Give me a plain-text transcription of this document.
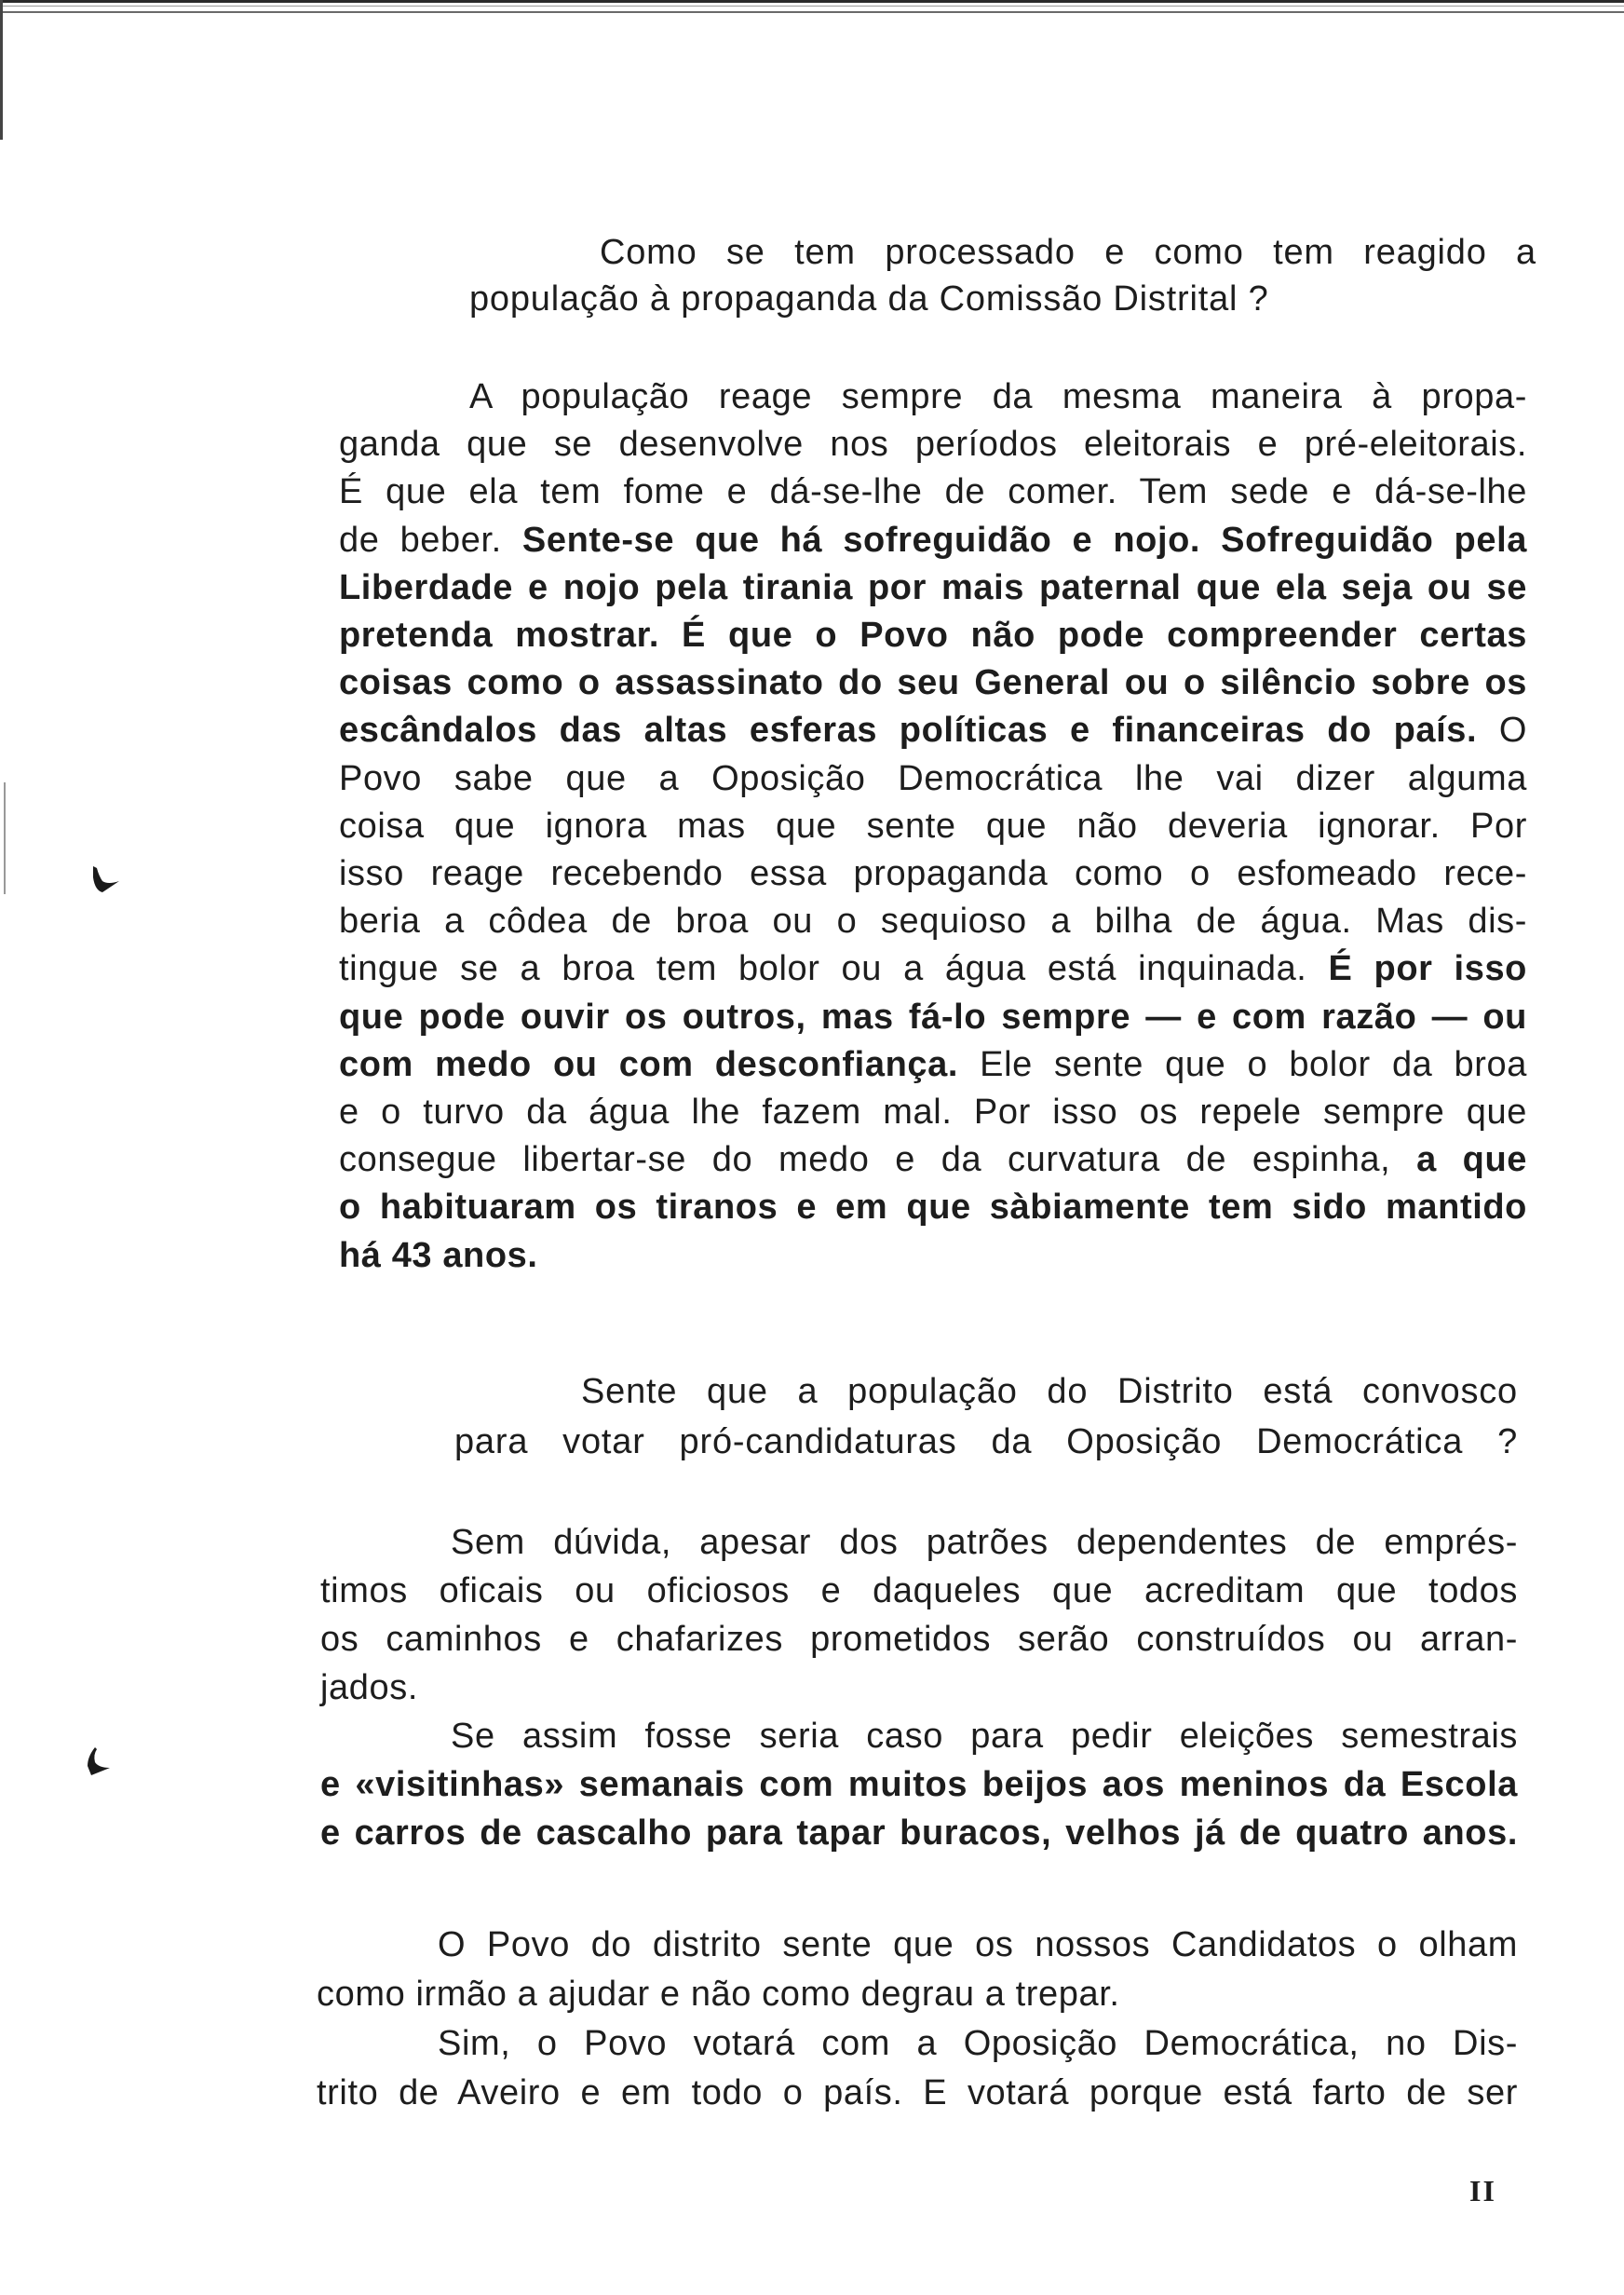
Como se tem processado e como tem reagido a
população à propaganda da Comissão Distrital ?
A população reage sempre da mesma maneira à propa-
ganda que se desenvolve nos períodos eleitorais e pré-eleitorais.
É que ela tem fome e dá-se-lhe de comer. Tem sede e dá-se-lhe
de beber. Sente-se que há sofreguidão e nojo. Sofreguidão pela
Liberdade e nojo pela tirania por mais paternal que ela seja ou se
pretenda mostrar. É que o Povo não pode compreender certas
coisas como o assassinato do seu General ou o silêncio sobre os
escândalos das altas esferas políticas e financeiras do país. O
Povo sabe que a Oposição Democrática lhe vai dizer alguma
coisa que ignora mas que sente que não deveria ignorar. Por
isso reage recebendo essa propaganda como o esfomeado rece-
beria a côdea de broa ou o sequioso a bilha de água. Mas dis-
tingue se a broa tem bolor ou a água está inquinada. É por isso
que pode ouvir os outros, mas fá-lo sempre — e com razão — ou
com medo ou com desconfiança. Ele sente que o bolor da broa
e o turvo da água lhe fazem mal. Por isso os repele sempre que
consegue libertar-se do medo e da curvatura de espinha, a que
o habituaram os tiranos e em que sàbiamente tem sido mantido
há 43 anos.
Sente que a população do Distrito está convosco
para votar pró-candidaturas da Oposição Democrática ?
Sem dúvida, apesar dos patrões dependentes de emprés-
timos oficais ou oficiosos e daqueles que acreditam que todos
os caminhos e chafarizes prometidos serão construídos ou arran-
jados.
Se assim fosse seria caso para pedir eleições semestrais
e «visitinhas» semanais com muitos beijos aos meninos da Escola
e carros de cascalho para tapar buracos, velhos já de quatro anos.
O Povo do distrito sente que os nossos Candidatos o olham
como irmão a ajudar e não como degrau a trepar.
Sim, o Povo votará com a Oposição Democrática, no Dis-
trito de Aveiro e em todo o país. E votará porque está farto de ser
II
